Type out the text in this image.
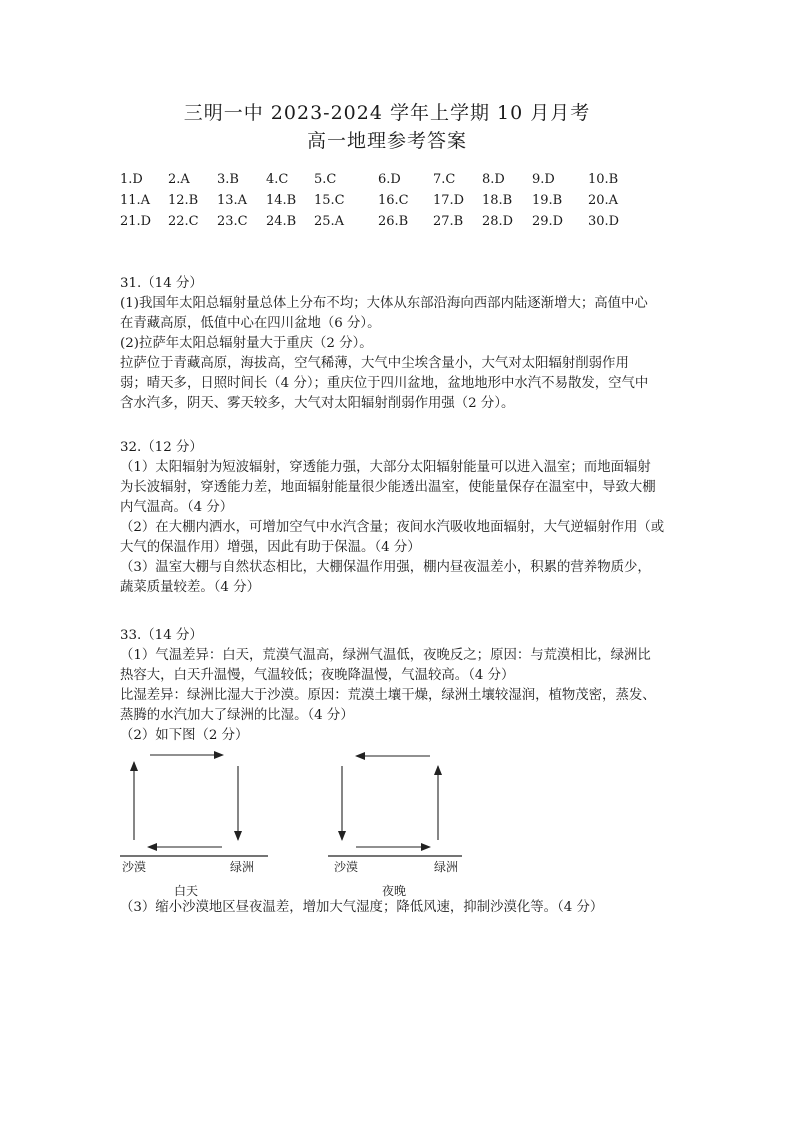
三明一中 2023-2024 学年上学期 10 月月考
高一地理参考答案
1.D 2.A 3.B 4.C 5.C	6.D 7.C 8.D 9.D	10.B
11.A 12.B 13.A 14.B 15.C	16.C 17.D 18.B 19.B 20.A
21.D 22.C 23.C 24.B 25.A	26.B 27.B 28.D 29.D 30.D

31.（14 分）

(1)我国年太阳总辐射量总体上分布不均；大体从东部沿海向西部内陆逐渐增大；高值中心

在青藏高原，低值中心在四川盆地（6 分）。

(2)拉萨年太阳总辐射量大于重庆（2 分）。

拉萨位于青藏高原，海拔高，空气稀薄，大气中尘埃含量小，大气对太阳辐射削弱作用

弱；晴天多，日照时间长（4 分）；重庆位于四川盆地，盆地地形中水汽不易散发，空气中

含水汽多，阴天、雾天较多，大气对太阳辐射削弱作用强（2 分）。

32.（12 分）

（1）太阳辐射为短波辐射，穿透能力强，大部分太阳辐射能量可以进入温室；而地面辐射

为长波辐射，穿透能力差，地面辐射能量很少能透出温室，使能量保存在温室中，导致大棚

内气温高。（4 分）

（2）在大棚内洒水，可增加空气中水汽含量；夜间水汽吸收地面辐射，大气逆辐射作用（或

大气的保温作用）增强，因此有助于保温。（4 分）

（3）温室大棚与自然状态相比，大棚保温作用强，棚内昼夜温差小，积累的营养物质少，

蔬菜质量较差。（4 分）

33.（14 分）

（1）气温差异：白天，荒漠气温高，绿洲气温低，夜晚反之；原因：与荒漠相比，绿洲比

热容大，白天升温慢，气温较低；夜晚降温慢，气温较高。（4 分）

比湿差异：绿洲比湿大于沙漠。原因：荒漠土壤干燥，绿洲土壤较湿润，植物茂密，蒸发、

蒸腾的水汽加大了绿洲的比湿。（4 分）

（2）如下图（2 分）

沙漠	绿洲
白天
沙漠	绿洲
夜晚

（3）缩小沙漠地区昼夜温差，增加大气湿度；降低风速，抑制沙漠化等。（4 分）
